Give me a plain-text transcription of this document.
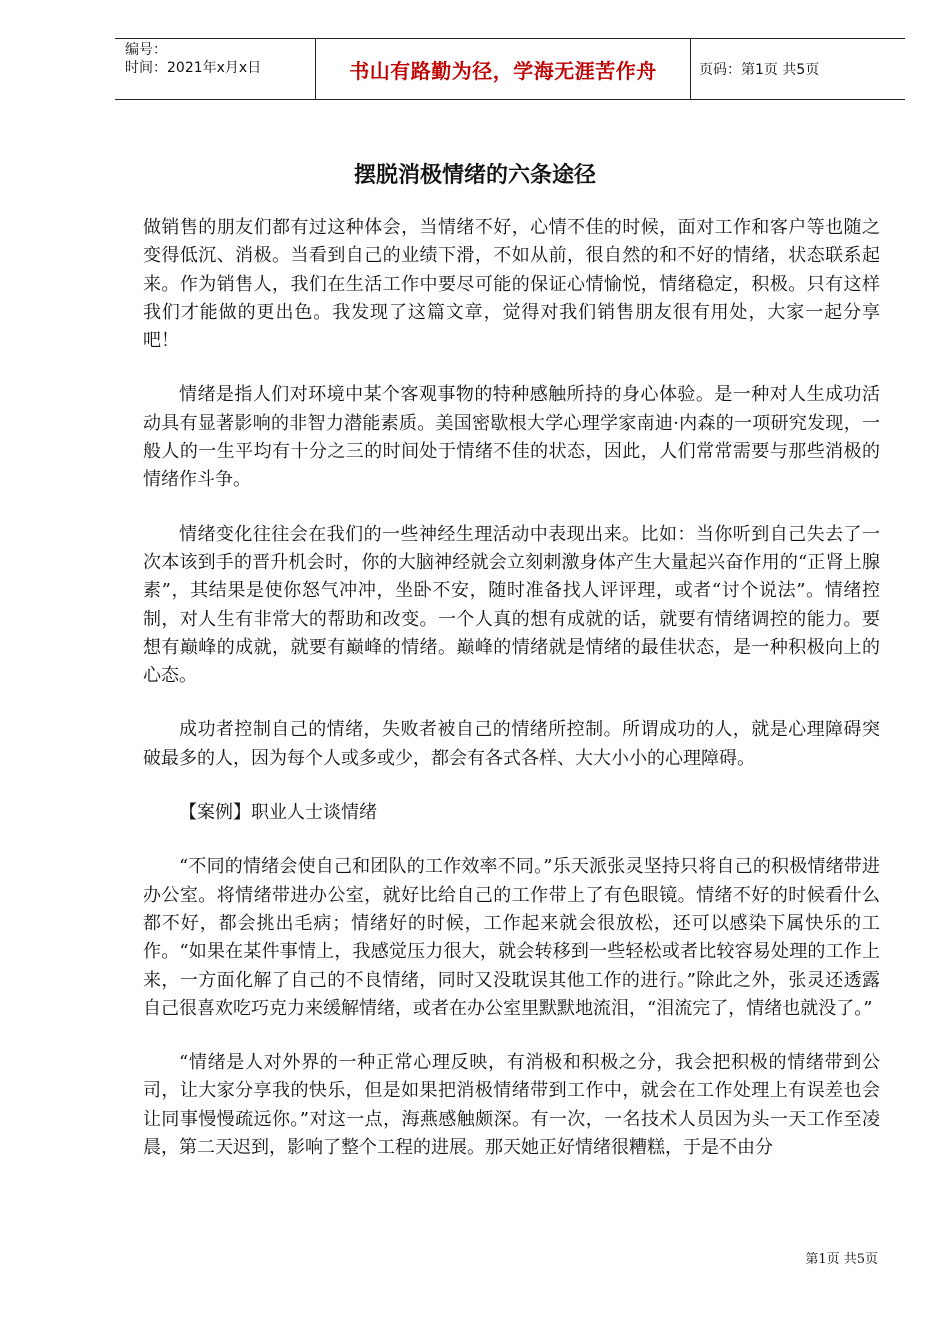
编号：
时间：2021年x月x日	书山有路勤为径，学海无涯苦作舟	页码：第1页 共5页
摆脱消极情绪的六条途径

做销售的朋友们都有过这种体会，当情绪不好，心情不佳的时候，面对工作和客户等也随之变得低沉、消极。当看到自己的业绩下滑，不如从前，很自然的和不好的情绪，状态联系起来。作为销售人，我们在生活工作中要尽可能的保证心情愉悦，情绪稳定，积极。只有这样我们才能做的更出色。我发现了这篇文章，觉得对我们销售朋友很有用处，大家一起分享吧！

情绪是指人们对环境中某个客观事物的特种感触所持的身心体验。是一种对人生成功活动具有显著影响的非智力潜能素质。美国密歇根大学心理学家南迪·内森的一项研究发现，一般人的一生平均有十分之三的时间处于情绪不佳的状态，因此，人们常常需要与那些消极的情绪作斗争。

情绪变化往往会在我们的一些神经生理活动中表现出来。比如：当你听到自己失去了一次本该到手的晋升机会时，你的大脑神经就会立刻刺激身体产生大量起兴奋作用的“正肾上腺素”，其结果是使你怒气冲冲，坐卧不安，随时准备找人评评理，或者“讨个说法”。情绪控制，对人生有非常大的帮助和改变。一个人真的想有成就的话，就要有情绪调控的能力。要想有巅峰的成就，就要有巅峰的情绪。巅峰的情绪就是情绪的最佳状态，是一种积极向上的心态。

成功者控制自己的情绪，失败者被自己的情绪所控制。所谓成功的人，就是心理障碍突破最多的人，因为每个人或多或少，都会有各式各样、大大小小的心理障碍。

【案例】职业人士谈情绪

“不同的情绪会使自己和团队的工作效率不同。”乐天派张灵坚持只将自己的积极情绪带进办公室。将情绪带进办公室，就好比给自己的工作带上了有色眼镜。情绪不好的时候看什么都不好，都会挑出毛病；情绪好的时候，工作起来就会很放松，还可以感染下属快乐的工作。“如果在某件事情上，我感觉压力很大，就会转移到一些轻松或者比较容易处理的工作上来，一方面化解了自己的不良情绪，同时又没耽误其他工作的进行。”除此之外，张灵还透露自己很喜欢吃巧克力来缓解情绪，或者在办公室里默默地流泪，“泪流完了，情绪也就没了。”

“情绪是人对外界的一种正常心理反映，有消极和积极之分，我会把积极的情绪带到公司，让大家分享我的快乐，但是如果把消极情绪带到工作中，就会在工作处理上有误差也会让同事慢慢疏远你。”对这一点，海燕感触颇深。有一次，一名技术人员因为头一天工作至凌晨，第二天迟到，影响了整个工程的进展。那天她正好情绪很糟糕，于是不由分

第1页 共5页
